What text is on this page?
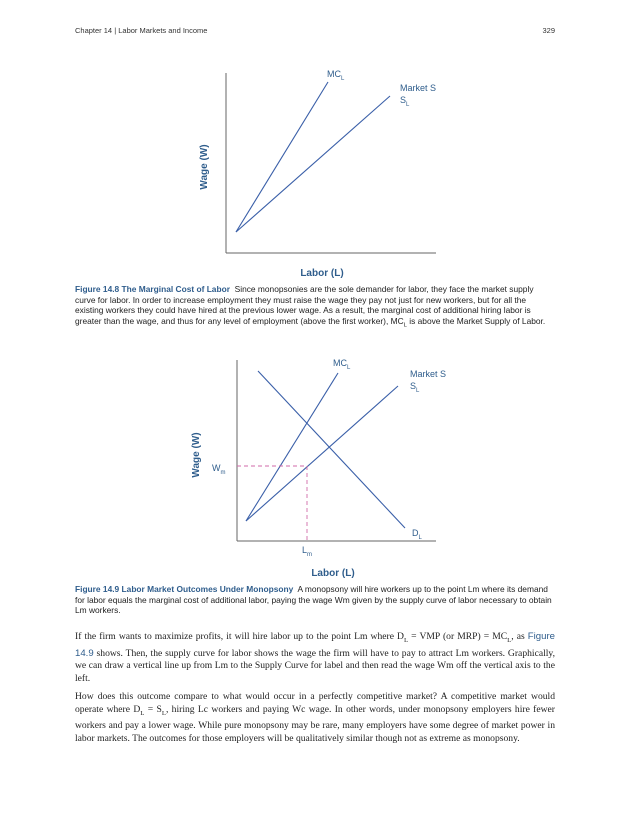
Chapter 14 | Labor Markets and Income	329
$MC_L$
Market S
$S_L$
Wage (W)
Labor (L)
Figure 14.8 The Marginal Cost of Labor Since monopsonies are the sole demander for labor, they face the market supply curve for labor. In order to increase employment they must raise the wage they pay not just for new workers, but for all the existing workers they could have hired at the previous lower wage. As a result, the marginal cost of additional hiring labor is greater than the wage, and thus for any level of employment (above the first worker), $MC_L$ is above the Market Supply of Labor.
$MC_L$
Market S
$S_L$
$D_L$
$W_m$
$L_m$
Wage (W)
Labor (L)
Figure 14.9 Labor Market Outcomes Under Monopsony A monopsony will hire workers up to the point Lm where its demand for labor equals the marginal cost of additional labor, paying the wage Wm given by the supply curve of labor necessary to obtain Lm workers.

If the firm wants to maximize profits, it will hire labor up to the point Lm where $D_L$ = VMP (or $MRP) = MC_L$, as Figure 14.9 shows. Then, the supply curve for labor shows the wage the firm will have to pay to attract Lm workers. Graphically, we can draw a vertical line up from Lm to the Supply Curve for label and then read the wage Wm off the vertical axis to the left.

How does this outcome compare to what would occur in a perfectly competitive market? A competitive market would operate where $D_L = S_L$, hiring Lc workers and paying Wc wage. In other words, under monopsony employers hire fewer workers and pay a lower wage. While pure monopsony may be rare, many employers have some degree of market power in labor markets. The outcomes for those employers will be qualitatively similar though not as extreme as monopsony.
